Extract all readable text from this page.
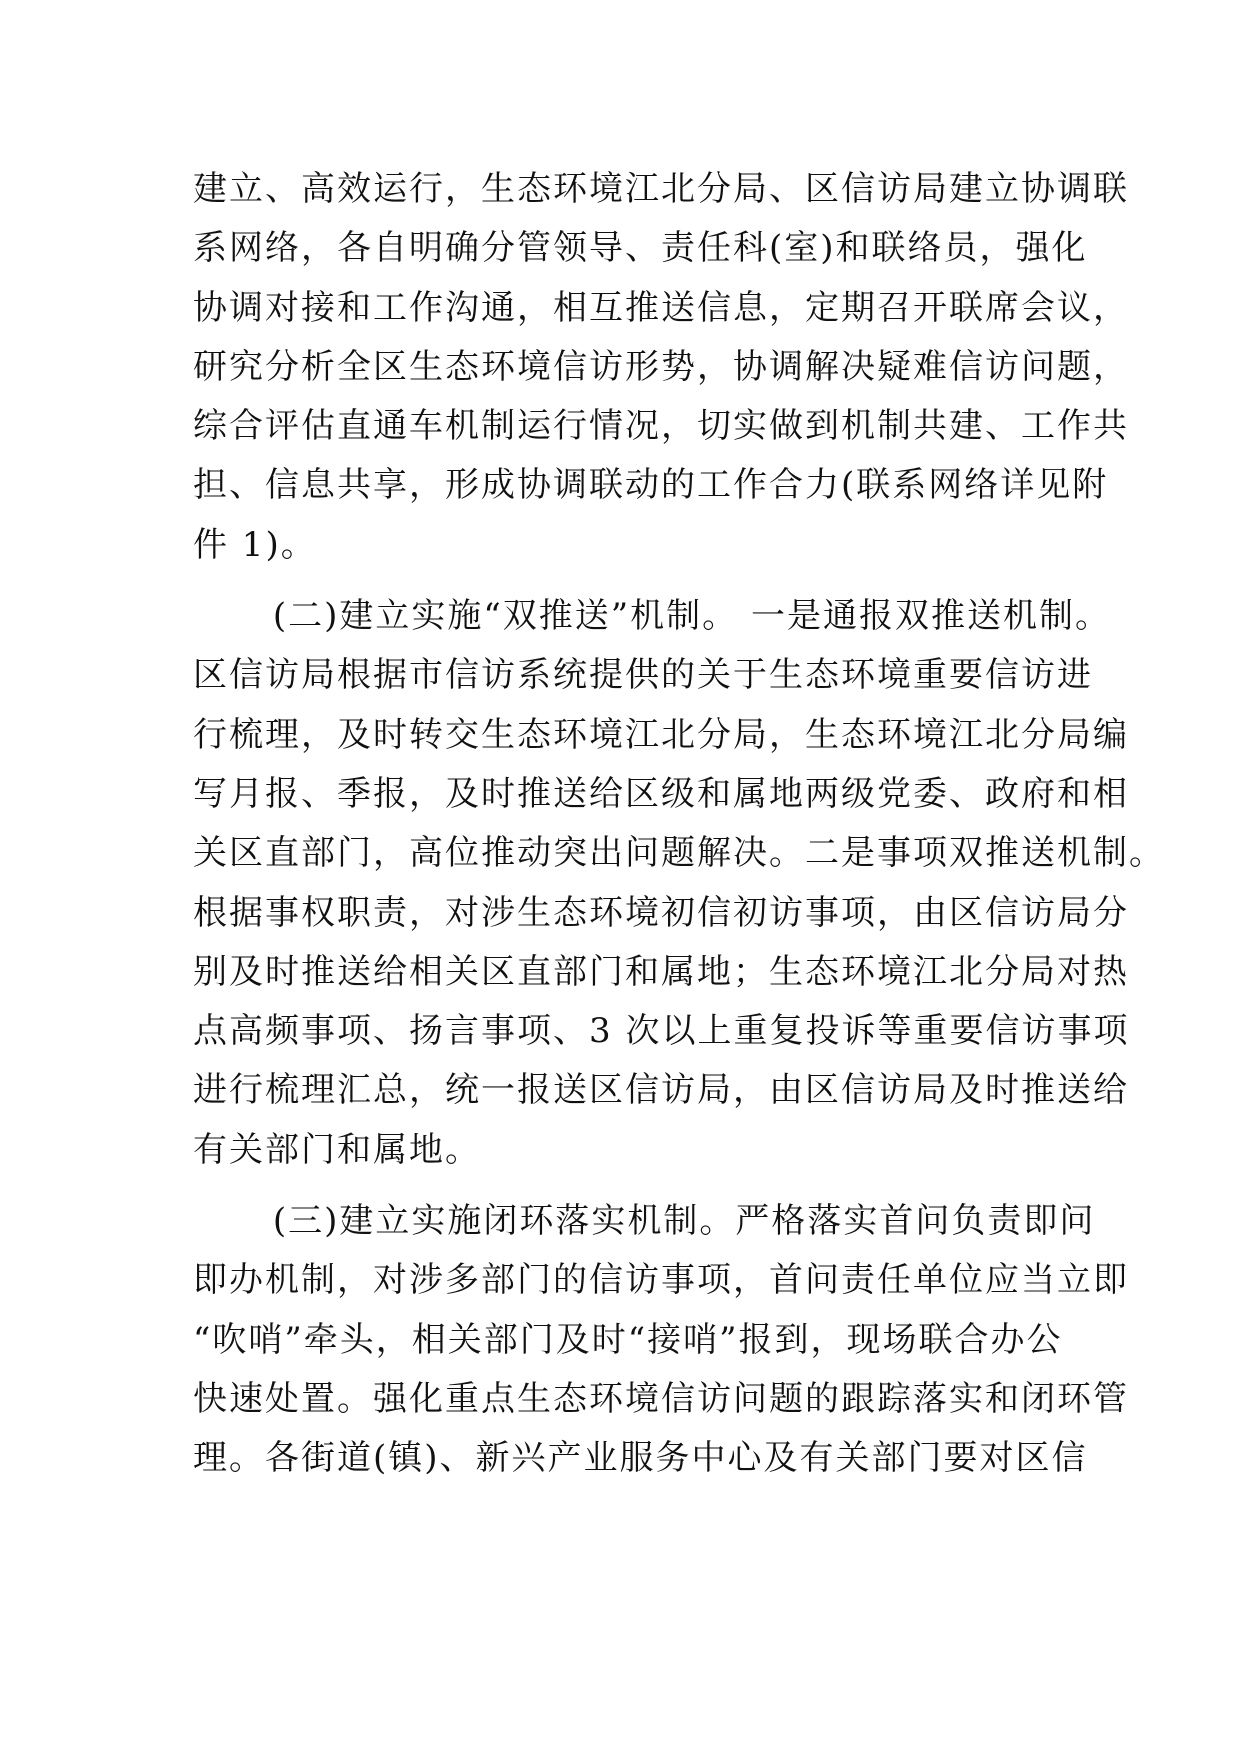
建立、高效运行，生态环境江北分局、区信访局建立协调联
系网络，各自明确分管领导、责任科(室)和联络员，强化
协调对接和工作沟通，相互推送信息，定期召开联席会议，
研究分析全区生态环境信访形势，协调解决疑难信访问题，
综合评估直通车机制运行情况，切实做到机制共建、工作共
担、信息共享，形成协调联动的工作合力(联系网络详见附
件 1)。

(二)建立实施“双推送”机制。 一是通报双推送机制。
区信访局根据市信访系统提供的关于生态环境重要信访进
行梳理，及时转交生态环境江北分局，生态环境江北分局编
写月报、季报，及时推送给区级和属地两级党委、政府和相
关区直部门，高位推动突出问题解决。二是事项双推送机制。
根据事权职责，对涉生态环境初信初访事项，由区信访局分
别及时推送给相关区直部门和属地；生态环境江北分局对热
点高频事项、扬言事项、3 次以上重复投诉等重要信访事项
进行梳理汇总，统一报送区信访局，由区信访局及时推送给
有关部门和属地。

(三)建立实施闭环落实机制。严格落实首问负责即问
即办机制，对涉多部门的信访事项，首问责任单位应当立即
“吹哨”牵头，相关部门及时“接哨”报到，现场联合办公
快速处置。强化重点生态环境信访问题的跟踪落实和闭环管
理。各街道(镇)、新兴产业服务中心及有关部门要对区信
